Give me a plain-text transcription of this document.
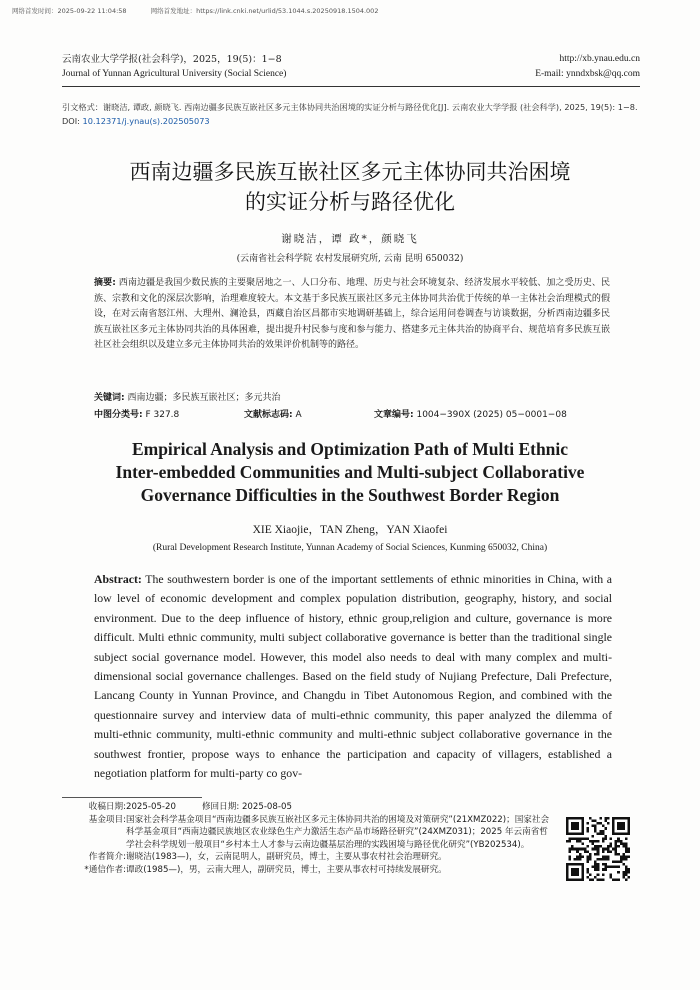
网络首发时间：2025-09-22 11:04:58	网络首发地址：https://link.cnki.net/urlid/53.1044.s.20250918.1504.002
云南农业大学学报(社会科学)，2025，19(5)：1−8	http://xb.ynau.edu.cn
Journal of Yunnan Agricultural University (Social Science)	E-mail: ynndxbsk@qq.com
引文格式：谢晓洁, 谭政, 颜晓飞. 西南边疆多民族互嵌社区多元主体协同共治困境的实证分析与路径优化[J]. 云南农业大学学报 (社会科学), 2025, 19(5): 1−8. DOI: 10.12371/j.ynau(s).202505073
西南边疆多民族互嵌社区多元主体协同共治困境
的实证分析与路径优化
谢晓洁，谭 政*，颜晓飞
(云南省社会科学院 农村发展研究所, 云南 昆明 650032)
摘要: 西南边疆是我国少数民族的主要聚居地之一、人口分布、地理、历史与社会环境复杂、经济发展水平较低、加之受历史、民族、宗教和文化的深层次影响，治理难度较大。本文基于多民族互嵌社区多元主体协同共治优于传统的单一主体社会治理模式的假设，在对云南省怒江州、大理州、澜沧县，西藏自治区昌都市实地调研基础上，综合运用问卷调查与访谈数据，分析西南边疆多民族互嵌社区多元主体协同共治的具体困难，提出提升村民参与度和参与能力、搭建多元主体共治的协商平台、规范培育多民族互嵌社区社会组织以及建立多元主体协同共治的效果评价机制等的路径。
关键词: 西南边疆；多民族互嵌社区；多元共治
中图分类号: F 327.8	文献标志码: A	文章编号: 1004−390X (2025) 05−0001−08
Empirical Analysis and Optimization Path of Multi Ethnic
Inter-embedded Communities and Multi-subject Collaborative
Governance Difficulties in the Southwest Border Region
XIE Xiaojie，TAN Zheng，YAN Xiaofei
(Rural Development Research Institute, Yunnan Academy of Social Sciences, Kunming 650032, China)
Abstract: The southwestern border is one of the important settlements of ethnic minorities in China, with a low level of economic development and complex population distribution, geography, history, and social environment. Due to the deep influence of history, ethnic group,religion and culture, governance is more difficult. Multi ethnic community, multi subject collaborative governance is better than the traditional single subject social governance model. However, this model also needs to deal with many complex and multi-dimensional social governance challenges. Based on the field study of Nujiang Prefecture, Dali Prefecture, Lancang County in Yunnan Province, and Changdu in Tibet Autonomous Region, and combined with the questionnaire survey and interview data of multi-ethnic community, this paper analyzed the dilemma of multi-ethnic community, multi-ethnic community and multi-ethnic subject collaborative governance in the southwest frontier, propose ways to enhance the participation and capacity of villagers, established a negotiation platform for multi-party co gov-
收稿日期: 2025-05-20	修回日期: 2025-08-05
基金项目: 国家社会科学基金项目“西南边疆多民族互嵌社区多元主体协同共治的困境及对策研究”(21XMZ022)；国家社会科学基金项目“西南边疆民族地区农业绿色生产力激活生态产品市场路径研究”(24XMZ031)；2025 年云南省哲学社会科学规划一般项目“乡村本土人才参与云南边疆基层治理的实践困境与路径优化研究”(YB202534)。
作者简介: 谢晓洁(1983—)，女，云南昆明人，副研究员，博士，主要从事农村社会治理研究。
*通信作者: 谭政(1985—)，男，云南大理人，副研究员，博士，主要从事农村可持续发展研究。
